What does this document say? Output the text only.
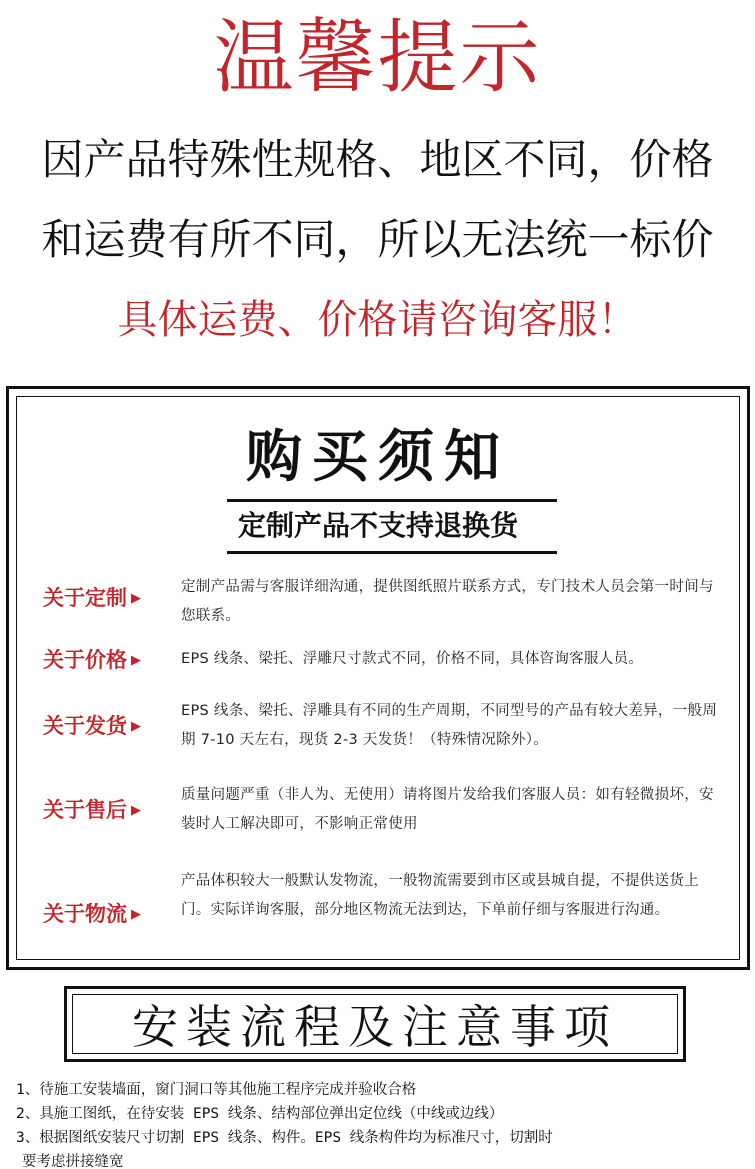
温馨提示
因产品特殊性规格、地区不同，价格
和运费有所不同，所以无法统一标价
具体运费、价格请咨询客服！
购买须知
定制产品不支持退换货
关于定制 ▶
定制产品需与客服详细沟通，提供图纸照片联系方式，专门技术人员会第一时间与您联系。
关于价格 ▶	EPS 线条、梁托、浮雕尺寸款式不同，价格不同，具体咨询客服人员。
关于发货 ▶
EPS 线条、梁托、浮雕具有不同的生产周期，不同型号的产品有较大差异，一般周期 7-10 天左右，现货 2-3 天发货！（特殊情况除外）。
关于售后 ▶
质量问题严重（非人为、无使用）请将图片发给我们客服人员：如有轻微损坏，安装时人工解决即可，不影响正常使用
关于物流 ▶
产品体积较大一般默认发物流，一般物流需要到市区或县城自提，不提供送货上门。实际详询客服，部分地区物流无法到达，下单前仔细与客服进行沟通。
安装流程及注意事项
1、待施工安装墙面，窗门洞口等其他施工程序完成并验收合格
2、具施工图纸，在待安装 EPS 线条、结构部位弹出定位线（中线或边线）
3、根据图纸安装尺寸切割 EPS 线条、构件。EPS 线条构件均为标准尺寸，切割时
要考虑拼接缝宽
